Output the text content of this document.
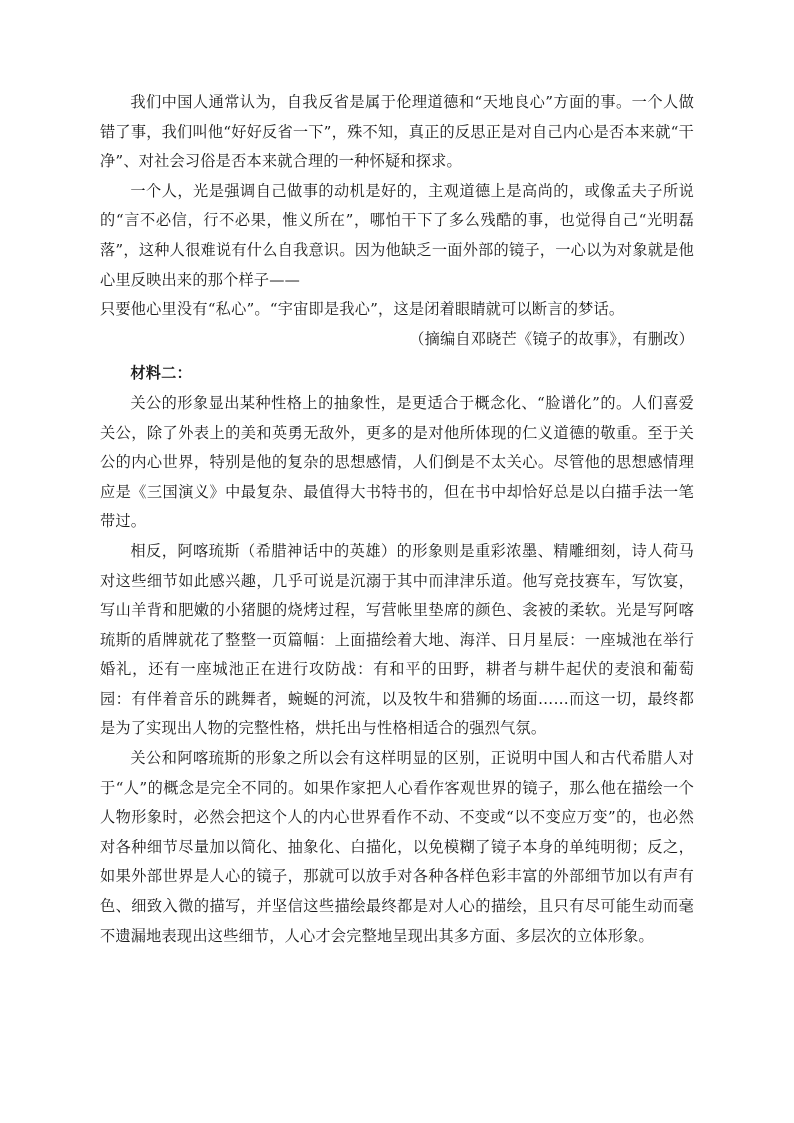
我们中国人通常认为，自我反省是属于伦理道德和“天地良心”方面的事。一个人做错了事，我们叫他“好好反省一下”，殊不知，真正的反思正是对自己内心是否本来就“干净”、对社会习俗是否本来就合理的一种怀疑和探求。

一个人，光是强调自己做事的动机是好的，主观道德上是高尚的，或像孟夫子所说的“言不必信，行不必果，惟义所在”，哪怕干下了多么残酷的事，也觉得自己“光明磊落”，这种人很难说有什么自我意识。因为他缺乏一面外部的镜子，一心以为对象就是他心里反映出来的那个样子——

只要他心里没有“私心”。“宇宙即是我心”，这是闭着眼睛就可以断言的梦话。

（摘编自邓晓芒《镜子的故事》，有删改）

材料二：

关公的形象显出某种性格上的抽象性，是更适合于概念化、“脸谱化”的。人们喜爱关公，除了外表上的美和英勇无敌外，更多的是对他所体现的仁义道德的敬重。至于关公的内心世界，特别是他的复杂的思想感情，人们倒是不太关心。尽管他的思想感情理应是《三国演义》中最复杂、最值得大书特书的，但在书中却恰好总是以白描手法一笔带过。

相反，阿喀琉斯（希腊神话中的英雄）的形象则是重彩浓墨、精雕细刻，诗人荷马对这些细节如此感兴趣，几乎可说是沉溺于其中而津津乐道。他写竞技赛车，写饮宴，写山羊背和肥嫩的小猪腿的烧烤过程，写营帐里垫席的颜色、衾被的柔软。光是写阿喀琉斯的盾牌就花了整整一页篇幅：上面描绘着大地、海洋、日月星辰：一座城池在举行婚礼，还有一座城池正在进行攻防战：有和平的田野，耕者与耕牛起伏的麦浪和葡萄园：有伴着音乐的跳舞者，蜿蜒的河流，以及牧牛和猎狮的场面……而这一切，最终都是为了实现出人物的完整性格，烘托出与性格相适合的强烈气氛。

关公和阿喀琉斯的形象之所以会有这样明显的区别，正说明中国人和古代希腊人对于“人”的概念是完全不同的。如果作家把人心看作客观世界的镜子，那么他在描绘一个人物形象时，必然会把这个人的内心世界看作不动、不变或“以不变应万变”的，也必然对各种细节尽量加以简化、抽象化、白描化，以免模糊了镜子本身的单纯明彻；反之，如果外部世界是人心的镜子，那就可以放手对各种各样色彩丰富的外部细节加以有声有色、细致入微的描写，并坚信这些描绘最终都是对人心的描绘，且只有尽可能生动而毫不遗漏地表现出这些细节，人心才会完整地呈现出其多方面、多层次的立体形象。
